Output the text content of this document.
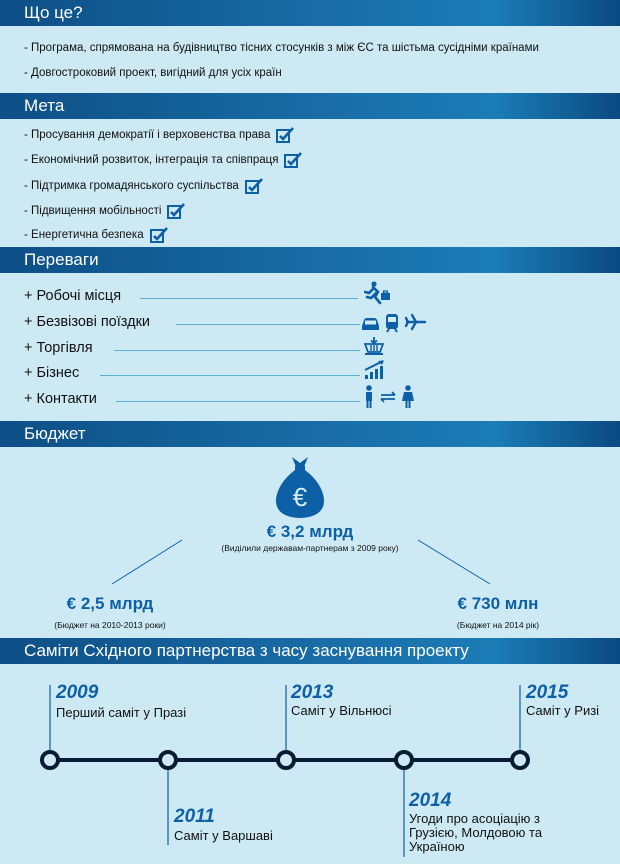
Що це?
- Програма, спрямована на будівництво тісних стосунків з між ЄС та шістьма сусідніми країнами
- Довгостроковий проект, вигідний для усіх країн
Мета
- Просування демократії і верховенства права
- Економічний розвиток, інтеграція та співпраця
- Підтримка громадянського суспільства
- Підвищення мобільності
- Енергетична безпека
Переваги
+ Робочі місця
+ Безвізові поїздки
+ Торгівля
+ Бізнес
+ Контакти
Бюджет
€
€ 3,2 млрд
(Виділили державам-партнерам з 2009 року)
€ 2,5 млрд
(Бюджет на 2010-2013 роки)
€ 730 млн
(Бюджет на 2014 рік)
Саміти Східного партнерства з часу заснування проекту
2009
Перший саміт у Празі
2011
Саміт у Варшаві
2013
Саміт у Вільнюсі
2014
Угоди про асоціацію з Грузією, Молдовою та Україною
2015
Саміт у Ризі
